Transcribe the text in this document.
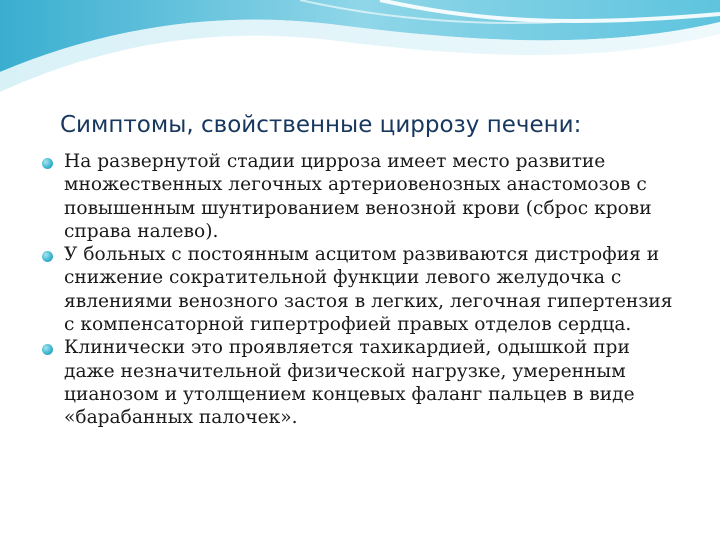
Симптомы, свойственные циррозу печени:
На развернутой стадии цирроза имеет место развитие множественных легочных артериовенозных анастомозов с повышенным шунтированием венозной крови (сброс крови справа налево).
У больных с постоянным асцитом развиваются дистрофия и снижение сократительной функции левого желудочка с явлениями венозного застоя в легких, легочная гипертензия с компенсаторной гипертрофией правых отделов сердца.
Клинически это проявляется тахикардией, одышкой при даже незначительной физической нагрузке, умеренным цианозом и утолщением концевых фаланг пальцев в виде «барабанных палочек».
